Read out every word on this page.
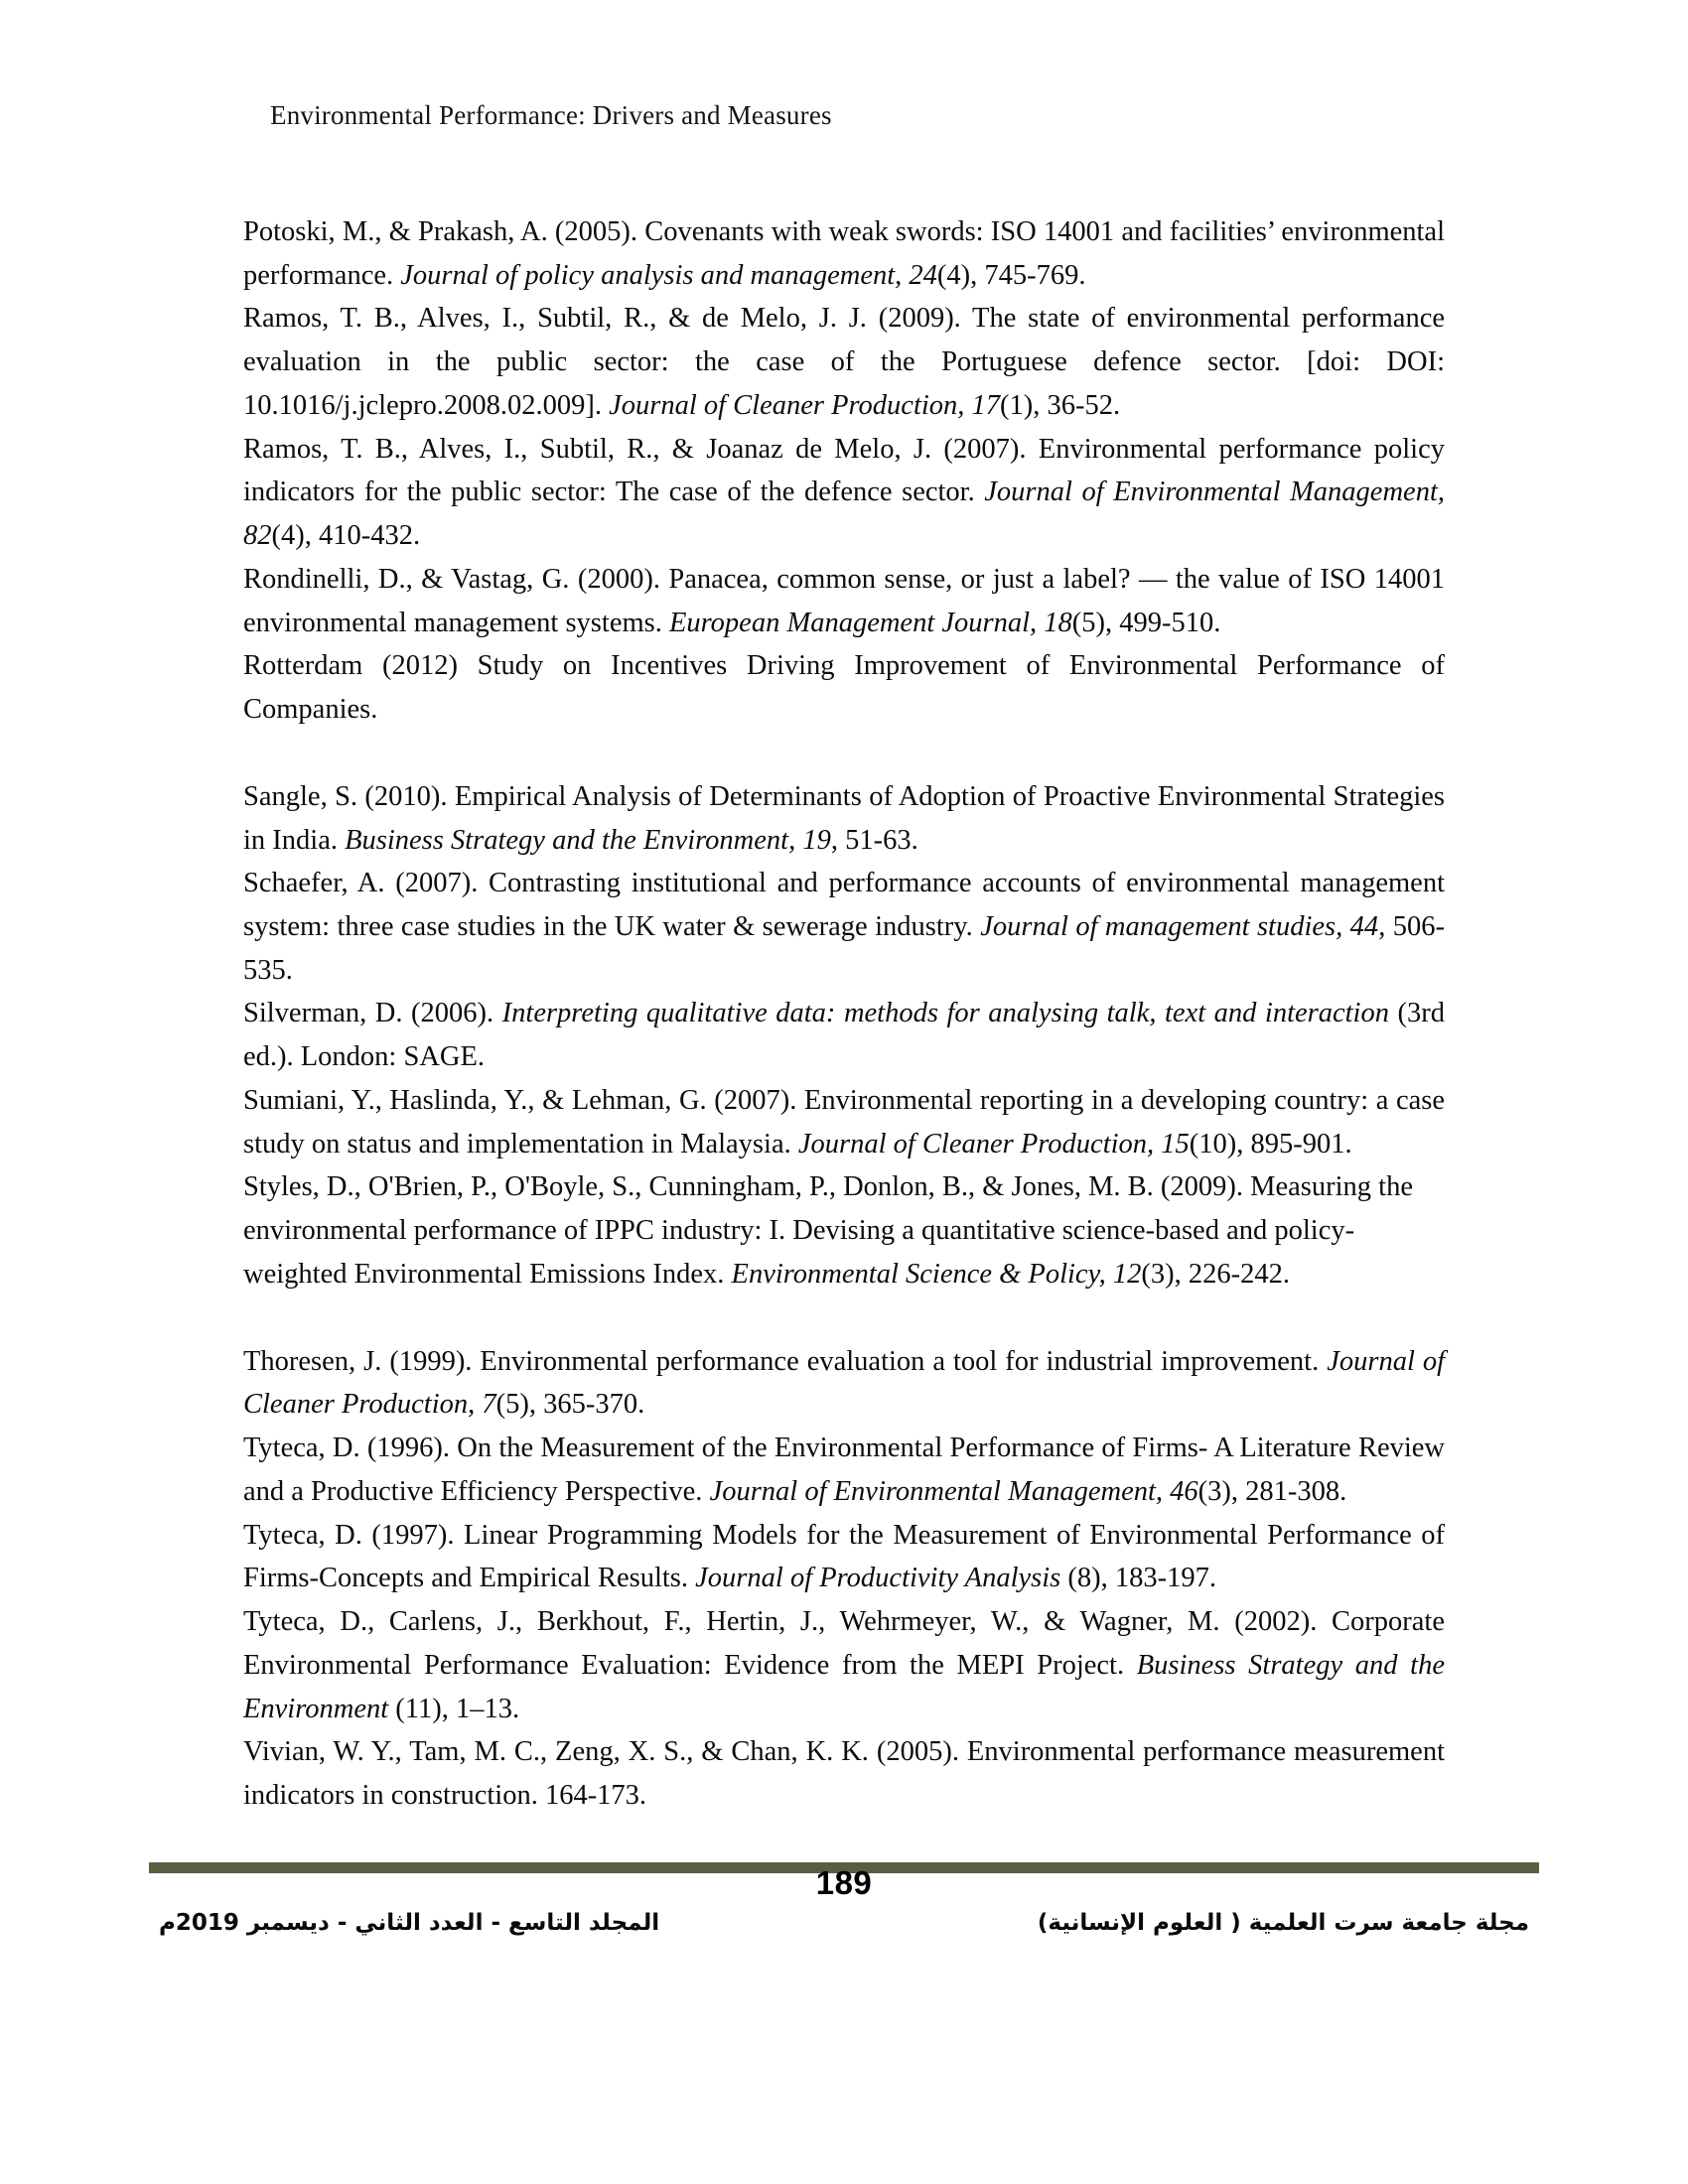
Environmental Performance: Drivers and Measures

Potoski, M., & Prakash, A. (2005). Covenants with weak swords: ISO 14001 and facilities’ environmental performance. Journal of policy analysis and management, 24(4), 745-769.

Ramos, T. B., Alves, I., Subtil, R., & de Melo, J. J. (2009). The state of environmental performance evaluation in the public sector: the case of the Portuguese defence sector. [doi: DOI: 10.1016/j.jclepro.2008.02.009]. Journal of Cleaner Production, 17(1), 36-52.

Ramos, T. B., Alves, I., Subtil, R., & Joanaz de Melo, J. (2007). Environmental performance policy indicators for the public sector: The case of the defence sector. Journal of Environmental Management, 82(4), 410-432.

Rondinelli, D., & Vastag, G. (2000). Panacea, common sense, or just a label? — the value of ISO 14001 environmental management systems. European Management Journal, 18(5), 499-510.

Rotterdam (2012) Study on Incentives Driving Improvement of Environmental Performance of Companies.

Sangle, S. (2010). Empirical Analysis of Determinants of Adoption of Proactive Environmental Strategies in India. Business Strategy and the Environment, 19, 51-63.

Schaefer, A. (2007). Contrasting institutional and performance accounts of environmental management system: three case studies in the UK water & sewerage industry. Journal of management studies, 44, 506-535.

Silverman, D. (2006). Interpreting qualitative data: methods for analysing talk, text and interaction (3rd ed.). London: SAGE.

Sumiani, Y., Haslinda, Y., & Lehman, G. (2007). Environmental reporting in a developing country: a case study on status and implementation in Malaysia. Journal of Cleaner Production, 15(10), 895-901.

Styles, D., O'Brien, P., O'Boyle, S., Cunningham, P., Donlon, B., & Jones, M. B. (2009). Measuring the environmental performance of IPPC industry: I. Devising a quantitative science-based and policy-weighted Environmental Emissions Index. Environmental Science & Policy, 12(3), 226-242.

Thoresen, J. (1999). Environmental performance evaluation a tool for industrial improvement. Journal of Cleaner Production, 7(5), 365-370.

Tyteca, D. (1996). On the Measurement of the Environmental Performance of Firms- A Literature Review and a Productive Efficiency Perspective. Journal of Environmental Management, 46(3), 281-308.

Tyteca, D. (1997). Linear Programming Models for the Measurement of Environmental Performance of Firms-Concepts and Empirical Results. Journal of Productivity Analysis (8), 183-197.

Tyteca, D., Carlens, J., Berkhout, F., Hertin, J., Wehrmeyer, W., & Wagner, M. (2002). Corporate Environmental Performance Evaluation: Evidence from the MEPI Project. Business Strategy and the Environment (11), 1–13.

Vivian, W. Y., Tam, M. C., Zeng, X. S., & Chan, K. K. (2005). Environmental performance measurement indicators in construction. 164-173.

189
مجلة جامعة سرت العلمية ( العلوم الإنسانية)
المجلد التاسع - العدد الثاني - ديسمبر 2019م
